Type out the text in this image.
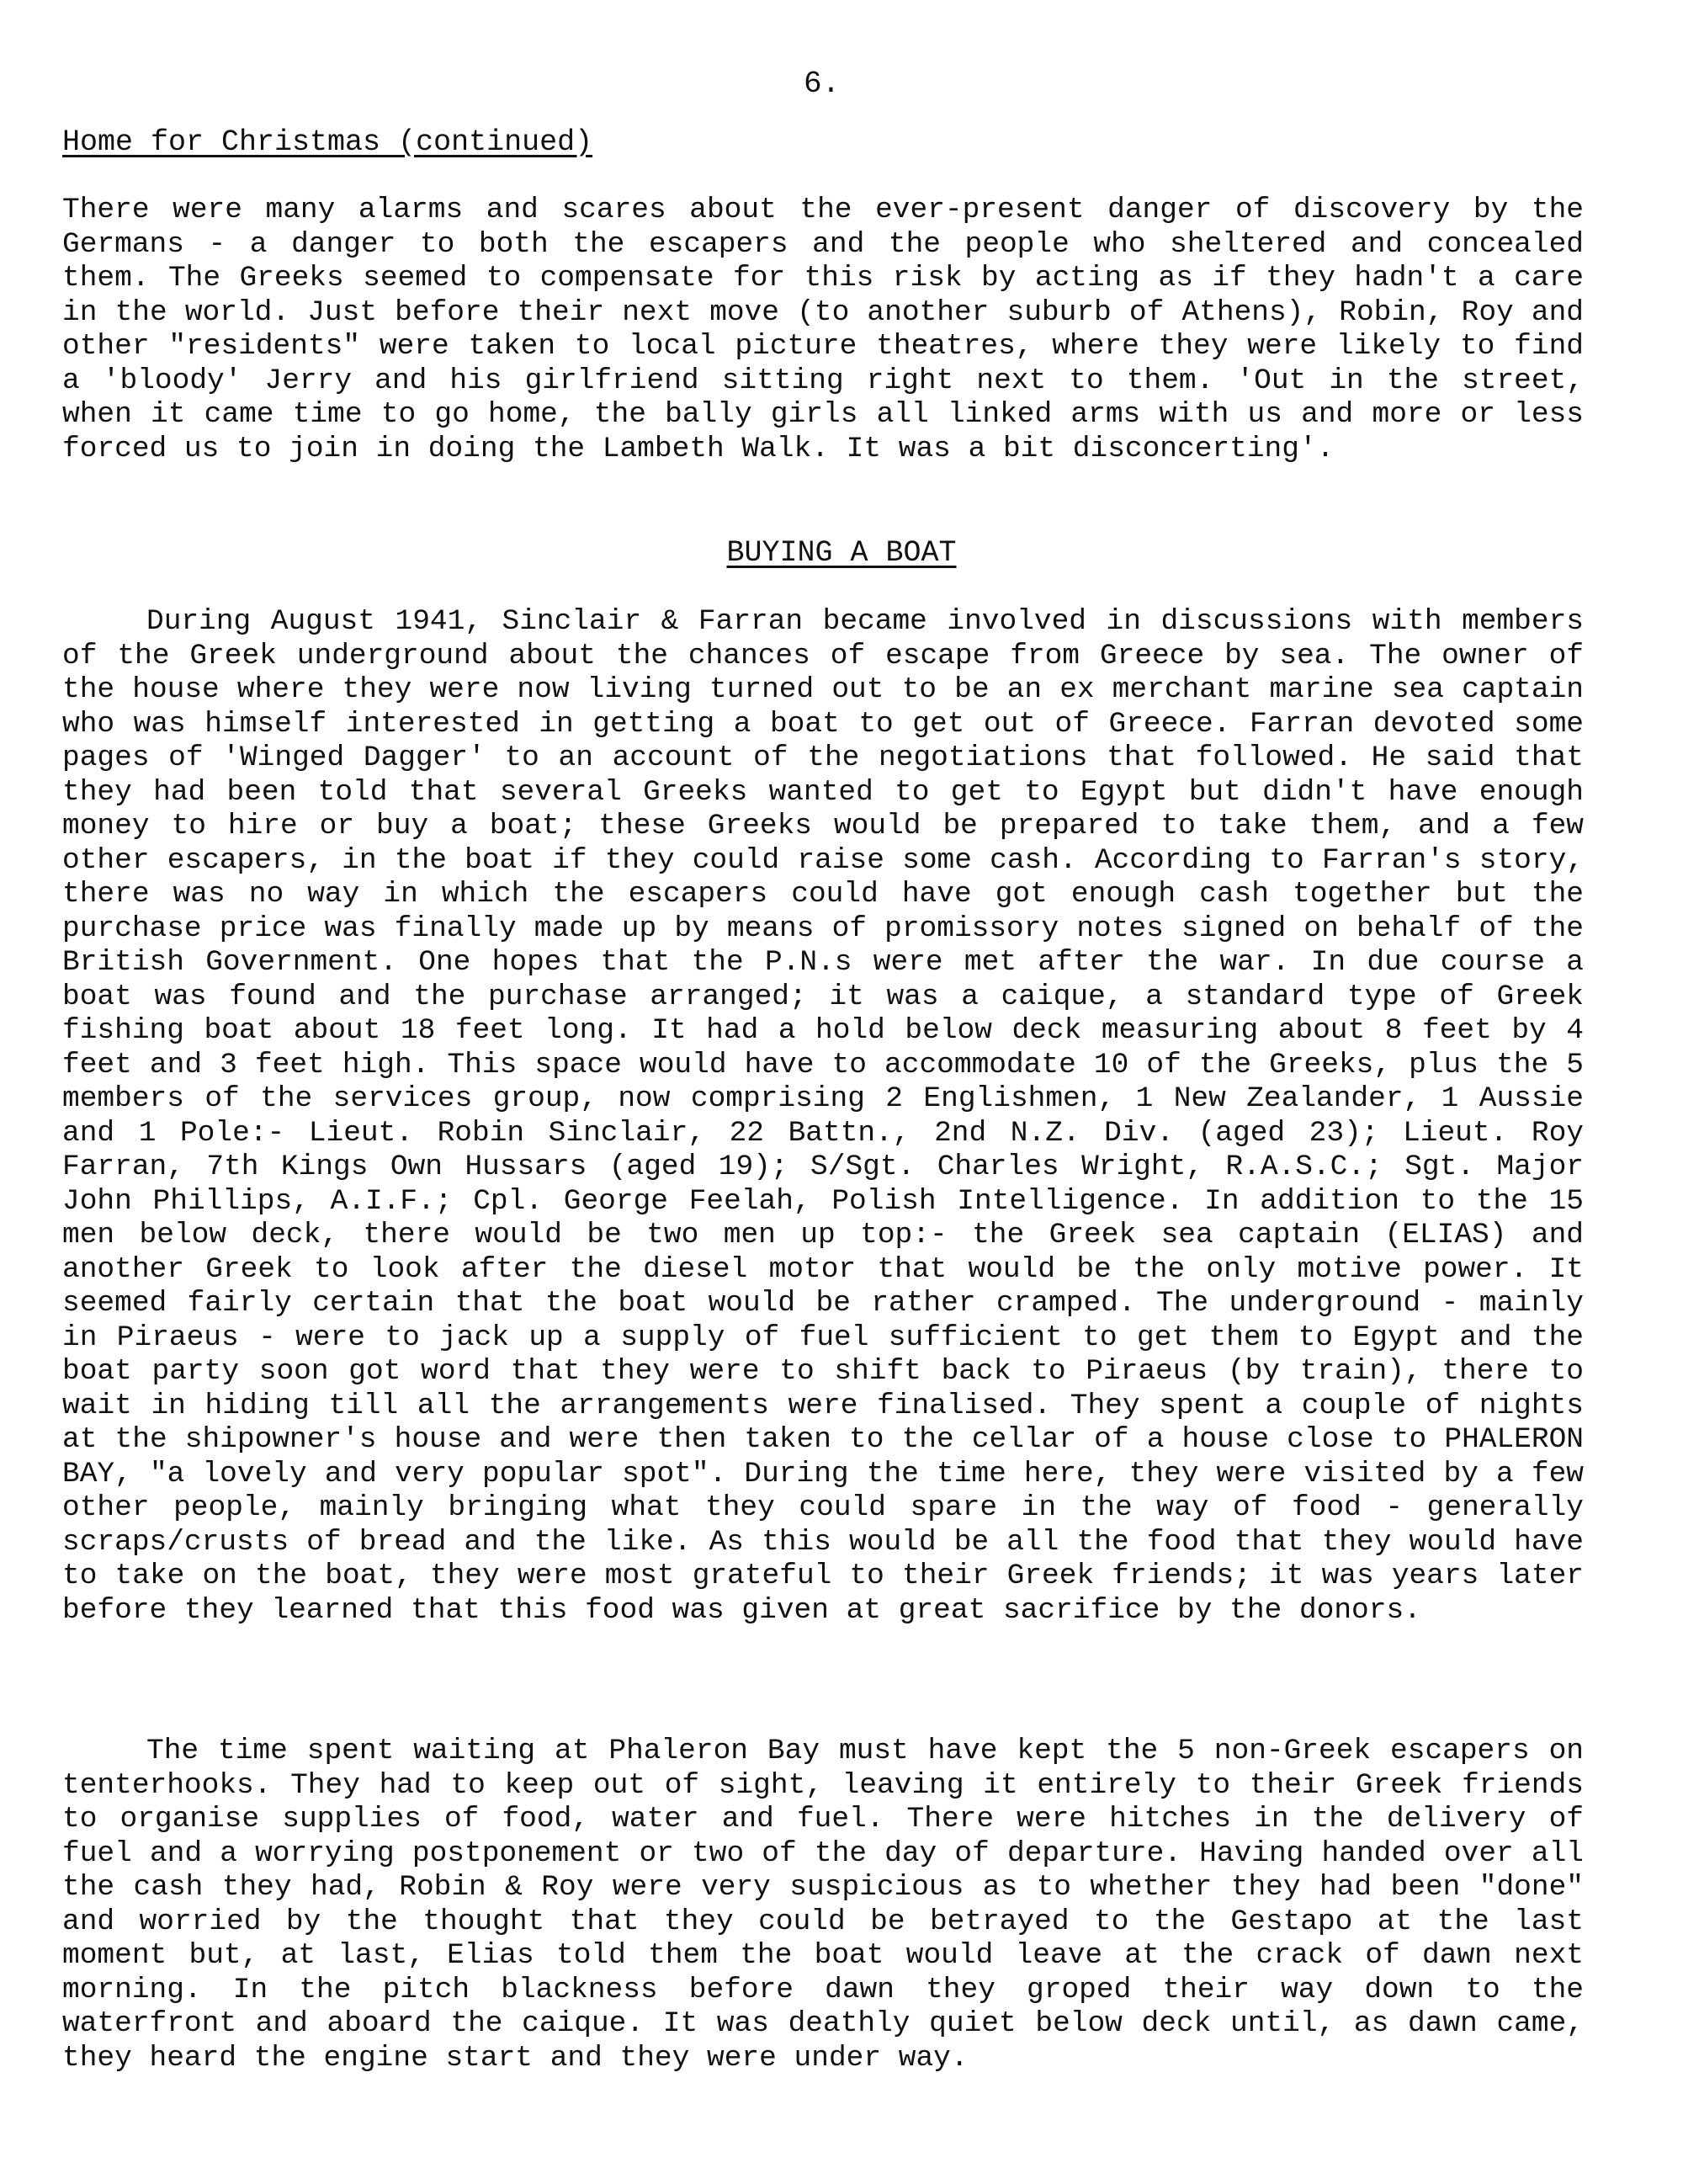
6.
Home for Christmas (continued)

There were many alarms and scares about the ever-present danger of discovery by the Germans - a danger to both the escapers and the people who sheltered and concealed them. The Greeks seemed to compensate for this risk by acting as if they hadn't a care in the world. Just before their next move (to another suburb of Athens), Robin, Roy and other "residents" were taken to local picture theatres, where they were likely to find a 'bloody' Jerry and his girlfriend sitting right next to them. 'Out in the street, when it came time to go home, the bally girls all linked arms with us and more or less forced us to join in doing the Lambeth Walk. It was a bit disconcerting'.

BUYING A BOAT

During August 1941, Sinclair & Farran became involved in discussions with members of the Greek underground about the chances of escape from Greece by sea. The owner of the house where they were now living turned out to be an ex merchant marine sea captain who was himself interested in getting a boat to get out of Greece. Farran devoted some pages of 'Winged Dagger' to an account of the negotiations that followed. He said that they had been told that several Greeks wanted to get to Egypt but didn't have enough money to hire or buy a boat; these Greeks would be prepared to take them, and a few other escapers, in the boat if they could raise some cash. According to Farran's story, there was no way in which the escapers could have got enough cash together but the purchase price was finally made up by means of promissory notes signed on behalf of the British Government. One hopes that the P.N.s were met after the war. In due course a boat was found and the purchase arranged; it was a caique, a standard type of Greek fishing boat about 18 feet long. It had a hold below deck measuring about 8 feet by 4 feet and 3 feet high. This space would have to accommodate 10 of the Greeks, plus the 5 members of the services group, now comprising 2 Englishmen, 1 New Zealander, 1 Aussie and 1 Pole:- Lieut. Robin Sinclair, 22 Battn., 2nd N.Z. Div. (aged 23); Lieut. Roy Farran, 7th Kings Own Hussars (aged 19); S/Sgt. Charles Wright, R.A.S.C.; Sgt. Major John Phillips, A.I.F.; Cpl. George Feelah, Polish Intelligence. In addition to the 15 men below deck, there would be two men up top:- the Greek sea captain (ELIAS) and another Greek to look after the diesel motor that would be the only motive power. It seemed fairly certain that the boat would be rather cramped. The underground - mainly in Piraeus - were to jack up a supply of fuel sufficient to get them to Egypt and the boat party soon got word that they were to shift back to Piraeus (by train), there to wait in hiding till all the arrangements were finalised. They spent a couple of nights at the shipowner's house and were then taken to the cellar of a house close to PHALERON BAY, "a lovely and very popular spot". During the time here, they were visited by a few other people, mainly bringing what they could spare in the way of food - generally scraps/crusts of bread and the like. As this would be all the food that they would have to take on the boat, they were most grateful to their Greek friends; it was years later before they learned that this food was given at great sacrifice by the donors.

The time spent waiting at Phaleron Bay must have kept the 5 non-Greek escapers on tenterhooks. They had to keep out of sight, leaving it entirely to their Greek friends to organise supplies of food, water and fuel. There were hitches in the delivery of fuel and a worrying postponement or two of the day of departure. Having handed over all the cash they had, Robin & Roy were very suspicious as to whether they had been "done" and worried by the thought that they could be betrayed to the Gestapo at the last moment but, at last, Elias told them the boat would leave at the crack of dawn next morning. In the pitch blackness before dawn they groped their way down to the waterfront and aboard the caique. It was deathly quiet below deck until, as dawn came, they heard the engine start and they were under way.
